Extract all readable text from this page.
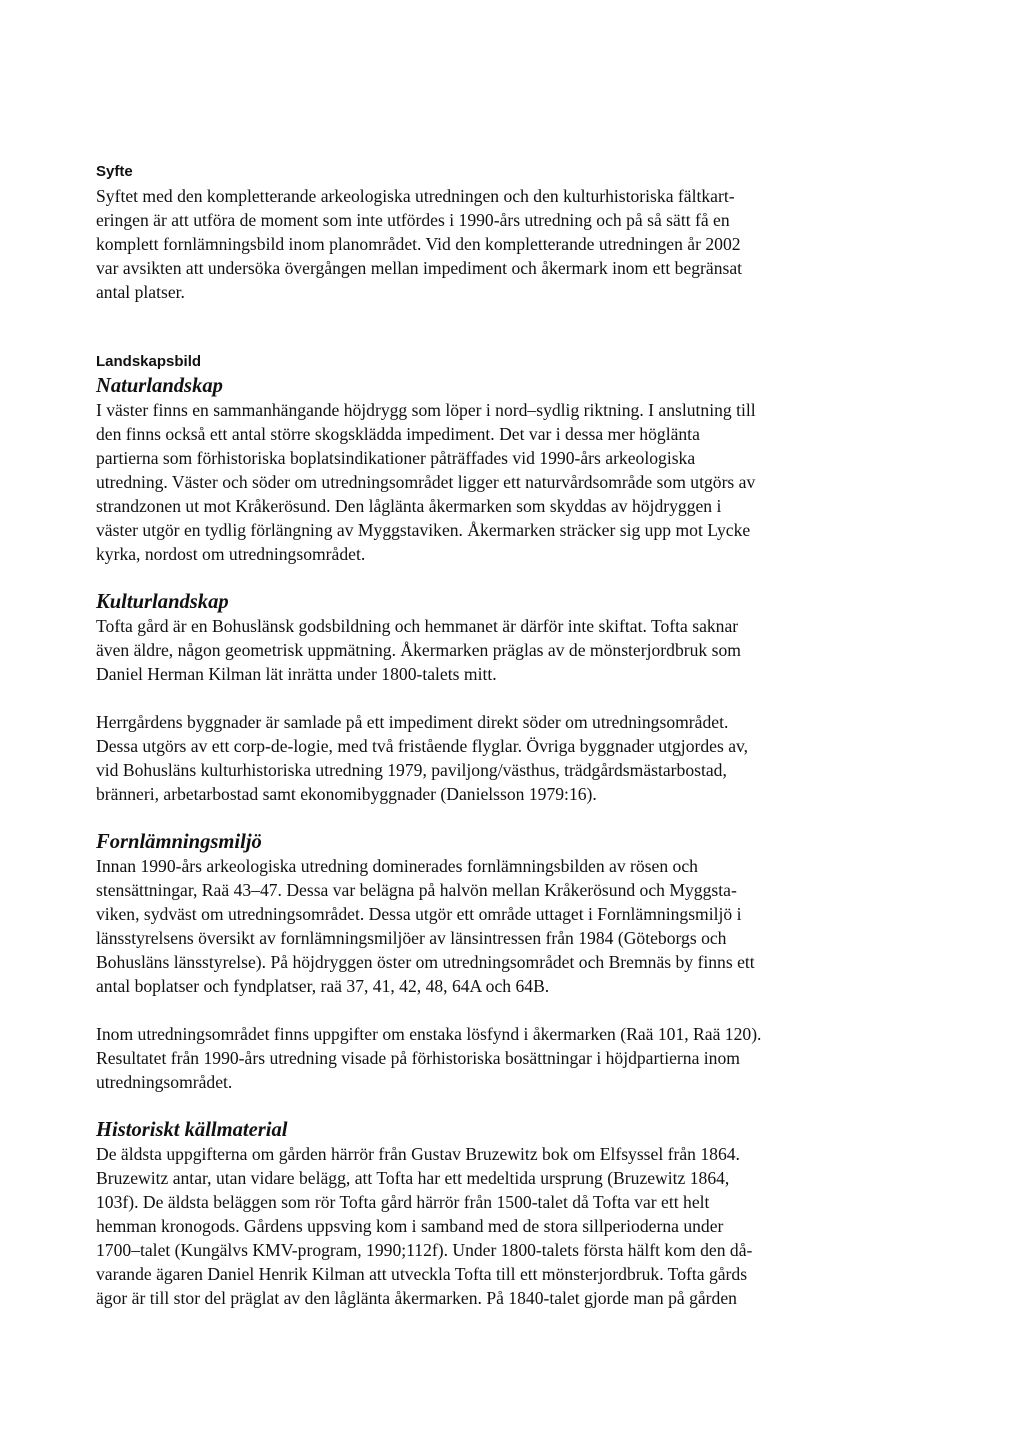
Syfte

Syftet med den kompletterande arkeologiska utredningen och den kulturhistoriska fältkart-
eringen är att utföra de moment som inte utfördes i 1990-års utredning och på så sätt få en
komplett fornlämningsbild inom planområdet. Vid den kompletterande utredningen år 2002
var avsikten att undersöka övergången mellan impediment och åkermark inom ett begränsat
antal platser.

Landskapsbild
Naturlandskap

I väster finns en sammanhängande höjdrygg som löper i nord–sydlig riktning. I anslutning till
den finns också ett antal större skogsklädda impediment. Det var i dessa mer höglänta
partierna som förhistoriska boplatsindikationer påträffades vid 1990-års arkeologiska
utredning. Väster och söder om utredningsområdet ligger ett naturvårdsområde som utgörs av
strandzonen ut mot Kråkerösund. Den låglänta åkermarken som skyddas av höjdryggen i
väster utgör en tydlig förlängning av Myggstaviken. Åkermarken sträcker sig upp mot Lycke
kyrka, nordost om utredningsområdet.

Kulturlandskap

Tofta gård är en Bohuslänsk godsbildning och hemmanet är därför inte skiftat. Tofta saknar
även äldre, någon geometrisk uppmätning. Åkermarken präglas av de mönsterjordbruk som
Daniel Herman Kilman lät inrätta under 1800-talets mitt.

Herrgårdens byggnader är samlade på ett impediment direkt söder om utredningsområdet.
Dessa utgörs av ett corp-de-logie, med två fristående flyglar. Övriga byggnader utgjordes av,
vid Bohusläns kulturhistoriska utredning 1979, paviljong/västhus, trädgårdsmästarbostad,
bränneri, arbetarbostad samt ekonomibyggnader (Danielsson 1979:16).

Fornlämningsmiljö

Innan 1990-års arkeologiska utredning dominerades fornlämningsbilden av rösen och
stensättningar, Raä 43–47. Dessa var belägna på halvön mellan Kråkerösund och Myggsta-
viken, sydväst om utredningsområdet. Dessa utgör ett område uttaget i Fornlämningsmiljö i
länsstyrelsens översikt av fornlämningsmiljöer av länsintressen från 1984 (Göteborgs och
Bohusläns länsstyrelse). På höjdryggen öster om utredningsområdet och Bremnäs by finns ett
antal boplatser och fyndplatser, raä 37, 41, 42, 48, 64A och 64B.

Inom utredningsområdet finns uppgifter om enstaka lösfynd i åkermarken (Raä 101, Raä 120).
Resultatet från 1990-års utredning visade på förhistoriska bosättningar i höjdpartierna inom
utredningsområdet.

Historiskt källmaterial

De äldsta uppgifterna om gården härrör från Gustav Bruzewitz bok om Elfsyssel från 1864.
Bruzewitz antar, utan vidare belägg, att Tofta har ett medeltida ursprung (Bruzewitz 1864,
103f). De äldsta beläggen som rör Tofta gård härrör från 1500-talet då Tofta var ett helt
hemman kronogods. Gårdens uppsving kom i samband med de stora sillperioderna under
1700–talet (Kungälvs KMV-program, 1990;112f). Under 1800-talets första hälft kom den då-
varande ägaren Daniel Henrik Kilman att utveckla Tofta till ett mönsterjordbruk. Tofta gårds
ägor är till stor del präglat av den låglänta åkermarken. På 1840-talet gjorde man på gården
